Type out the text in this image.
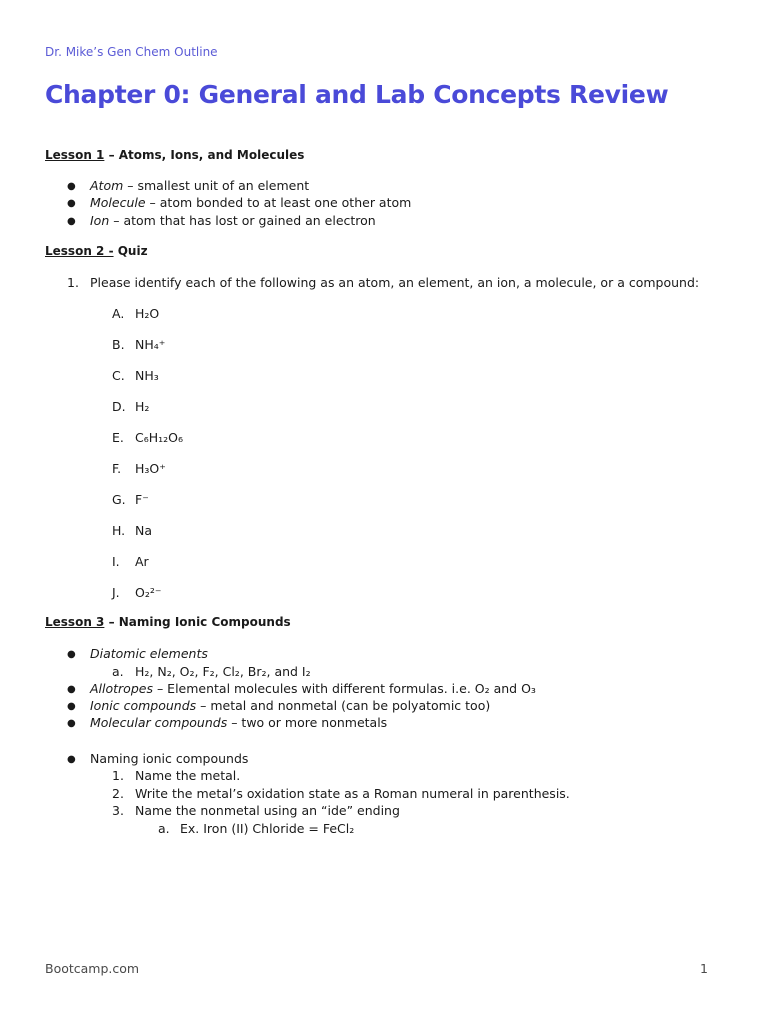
Dr. Mike’s Gen Chem Outline
Chapter 0: General and Lab Concepts Review
Lesson 1 – Atoms, Ions, and Molecules
● Atom – smallest unit of an element
● Molecule – atom bonded to at least one other atom
● Ion – atom that has lost or gained an electron
Lesson 2 - Quiz
1. Please identify each of the following as an atom, an element, an ion, a molecule, or a compound:
A. H₂O
B. NH₄⁺
C. NH₃
D. H₂
E. C₆H₁₂O₆
F. H₃O⁺
G. F⁻
H. Na
I. Ar
J. O₂²⁻
Lesson 3 – Naming Ionic Compounds
● Diatomic elements
a. H₂, N₂, O₂, F₂, Cl₂, Br₂, and I₂
● Allotropes – Elemental molecules with different formulas. i.e. O₂ and O₃
● Ionic compounds – metal and nonmetal (can be polyatomic too)
● Molecular compounds – two or more nonmetals
● Naming ionic compounds
1. Name the metal.
2. Write the metal’s oxidation state as a Roman numeral in parenthesis.
3. Name the nonmetal using an “ide” ending
a. Ex. Iron (II) Chloride = FeCl₂
Bootcamp.com	1
